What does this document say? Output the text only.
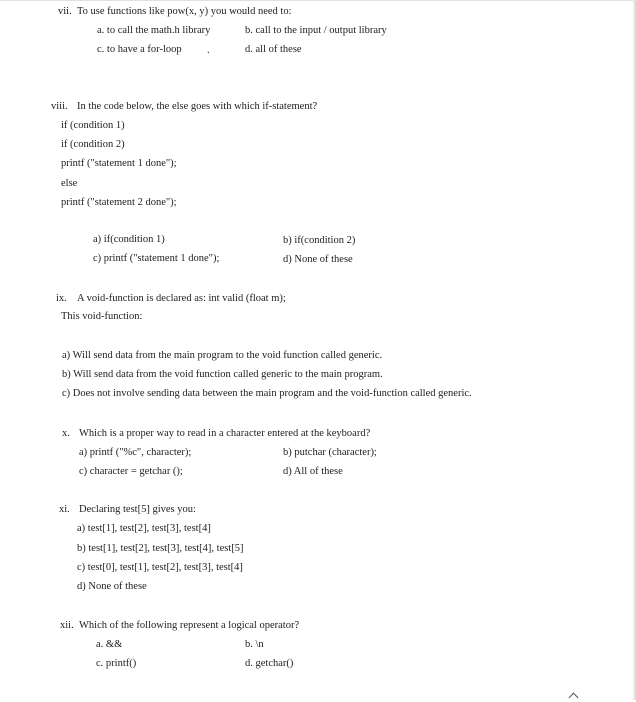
vii. To use functions like pow(x, y) you would need to:
a. to call the math.h library	b. call to the input / output library
c. to have a for-loop .	d. all of these
viii. In the code below, the else goes with which if-statement?
if (condition 1)
if (condition 2)
printf ("statement 1 done");
else
printf ("statement 2 done");
a) if(condition 1)	b) if(condition 2)
c) printf ("statement 1 done");	d) None of these
ix. A void-function is declared as: int valid (float m);
This void-function:
a) Will send data from the main program to the void function called generic.
b) Will send data from the void function called generic to the main program.
c) Does not involve sending data between the main program and the void-function called generic.
x. Which is a proper way to read in a character entered at the keyboard?
a) printf ("%c", character);	b) putchar (character);
c) character = getchar ();	d) All of these
xi. Declaring test[5] gives you:
a) test[1], test[2], test[3], test[4]
b) test[1], test[2], test[3], test[4], test[5]
c) test[0], test[1], test[2], test[3], test[4]
d) None of these
xii. Which of the following represent a logical operator?
a. &&	b. \n
c. printf()	d. getchar()
